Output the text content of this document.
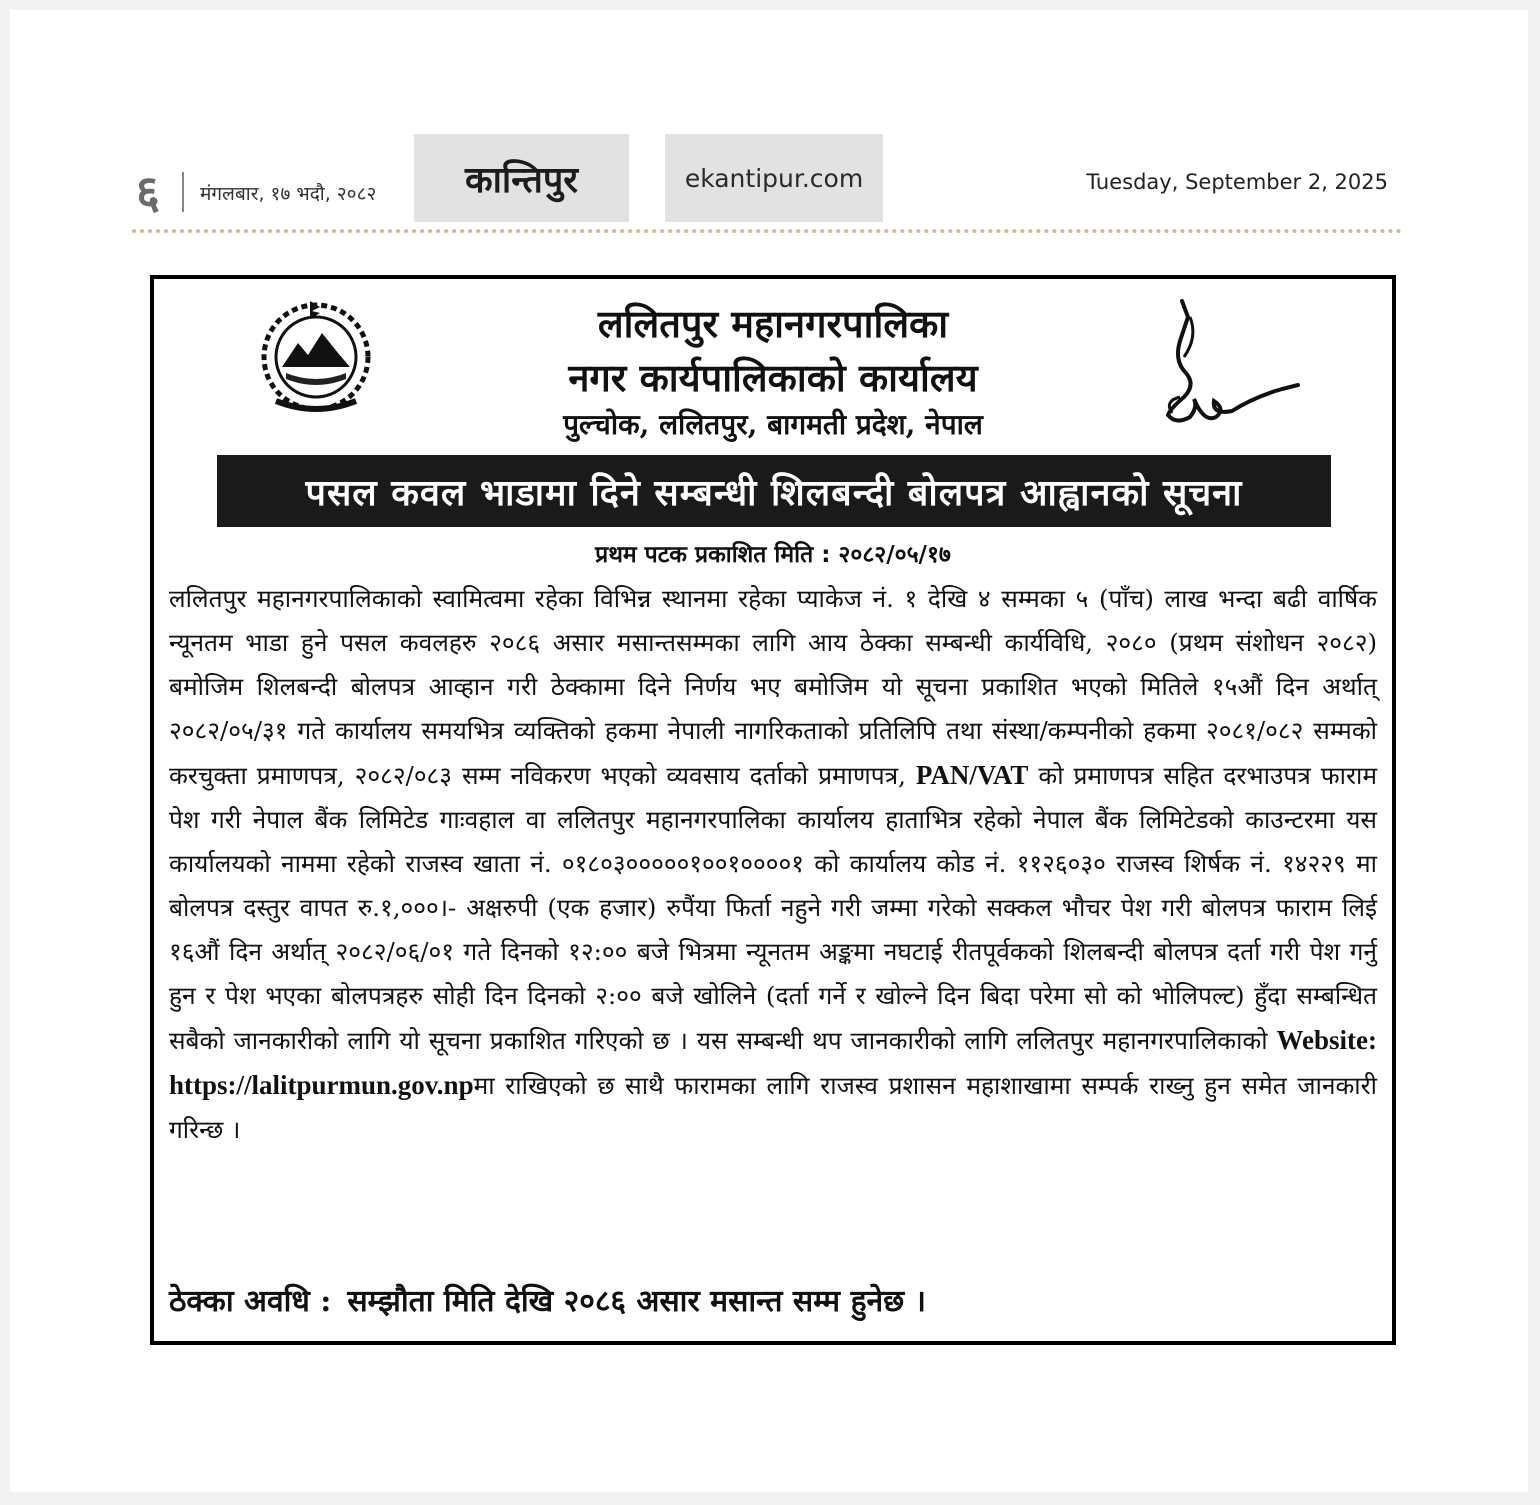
६ मंगलबार, १७ भदौ, २०८२ कान्तिपुर	ekantipur.com	Tuesday, September 2, 2025
ललितपुर महानगरपालिका
नगर कार्यपालिकाको कार्यालय
पुल्चोक, ललितपुर, बागमती प्रदेश, नेपाल
पसल कवल भाडामा दिने सम्बन्धी शिलबन्दी बोलपत्र आह्वानको सूचना
प्रथम पटक प्रकाशित मिति : २०८२/०५/१७
ललितपुर महानगरपालिकाको स्वामित्वमा रहेका विभिन्न स्थानमा रहेका प्याकेज नं. १ देखि ४ सम्मका ५ (पाँच) लाख भन्दा बढी वार्षिक न्यूनतम भाडा हुने पसल कवलहरु २०८६ असार मसान्तसम्मका लागि आय ठेक्का सम्बन्धी कार्यविधि, २०८० (प्रथम संशोधन २०८२) बमोजिम शिलबन्दी बोलपत्र आव्हान गरी ठेक्कामा दिने निर्णय भए बमोजिम यो सूचना प्रकाशित भएको मितिले १५औं दिन अर्थात् २०८२/०५/३१ गते कार्यालय समयभित्र व्यक्तिको हकमा नेपाली नागरिकताको प्रतिलिपि तथा संस्था/कम्पनीको हकमा २०८१/०८२ सम्मको करचुक्ता प्रमाणपत्र, २०८२/०८३ सम्म नविकरण भएको व्यवसाय दर्ताको प्रमाणपत्र, PAN/VAT को प्रमाणपत्र सहित दरभाउपत्र फाराम पेश गरी नेपाल बैंक लिमिटेड गाःवहाल वा ललितपुर महानगरपालिका कार्यालय हाताभित्र रहेको नेपाल बैंक लिमिटेडको काउन्टरमा यस कार्यालयको नाममा रहेको राजस्व खाता नं. ०१८०३०००००१००१००००१ को कार्यालय कोड नं. ११२६०३० राजस्व शिर्षक नं. १४२२९ मा बोलपत्र दस्तुर वापत रु.१,०००।- अक्षरुपी (एक हजार) रुपैंया फिर्ता नहुने गरी जम्मा गरेको सक्कल भौचर पेश गरी बोलपत्र फाराम लिई १६औं दिन अर्थात् २०८२/०६/०१ गते दिनको १२:०० बजे भित्रमा न्यूनतम अङ्कमा नघटाई रीतपूर्वकको शिलबन्दी बोलपत्र दर्ता गरी पेश गर्नु हुन र पेश भएका बोलपत्रहरु सोही दिन दिनको २:०० बजे खोलिने (दर्ता गर्ने र खोल्ने दिन बिदा परेमा सो को भोलिपल्ट) हुँदा सम्बन्धित सबैको जानकारीको लागि यो सूचना प्रकाशित गरिएको छ । यस सम्बन्धी थप जानकारीको लागि ललितपुर महानगरपालिकाको Website: https://lalitpurmun.gov.npमा राखिएको छ साथै फारामका लागि राजस्व प्रशासन महाशाखामा सम्पर्क राख्नु हुन समेत जानकारी गरिन्छ ।
ठेक्का अवधि : सम्झौता मिति देखि २०८६ असार मसान्त सम्म हुनेछ ।
